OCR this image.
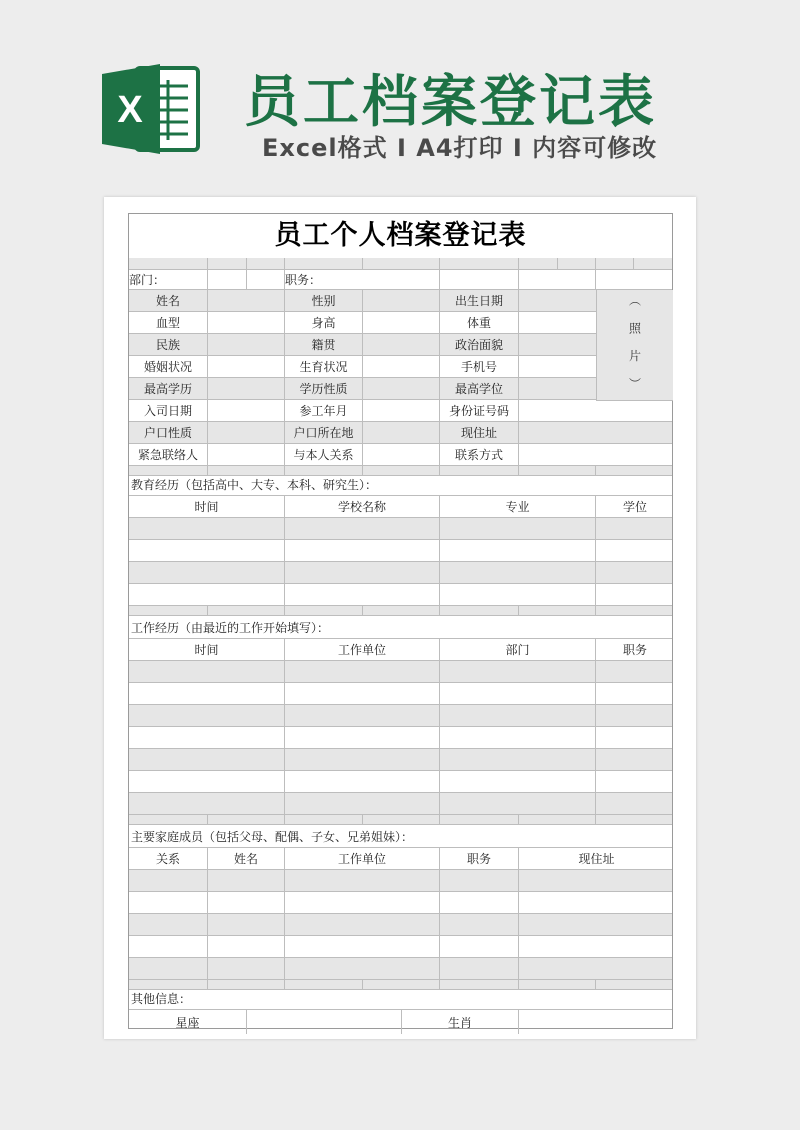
X 员工档案登记表
Excel格式 Ι A4打印 Ι 内容可修改
员工个人档案登记表
部门：	职务：
姓名	性别	出生日期
血型	身高	体重
民族	籍贯	政治面貌
婚姻状况	生育状况	手机号
最高学历	学历性质	最高学位
入司日期	参工年月	身份证号码
户口性质	户口所在地	现住址
紧急联络人	与本人关系	联系方式
（ 照 片 ）
教育经历（包括高中、大专、本科、研究生）：
时间	学校名称	专业	学位
工作经历（由最近的工作开始填写）：
时间	工作单位	部门	职务
主要家庭成员（包括父母、配偶、子女、兄弟姐妹）：
关系	姓名	工作单位	职务	现住址
其他信息：
星座	生肖
